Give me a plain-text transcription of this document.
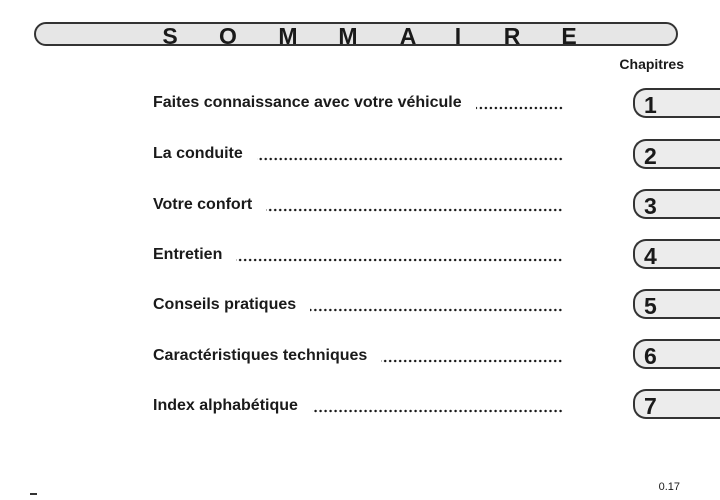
S O M M A I R E
Chapitres
Faites connaissance avec votre véhicule
La conduite
Votre confort
Entretien
Conseils pratiques
Caractéristiques techniques
Index alphabétique
1
2
3
4
5
6
7
0.17
